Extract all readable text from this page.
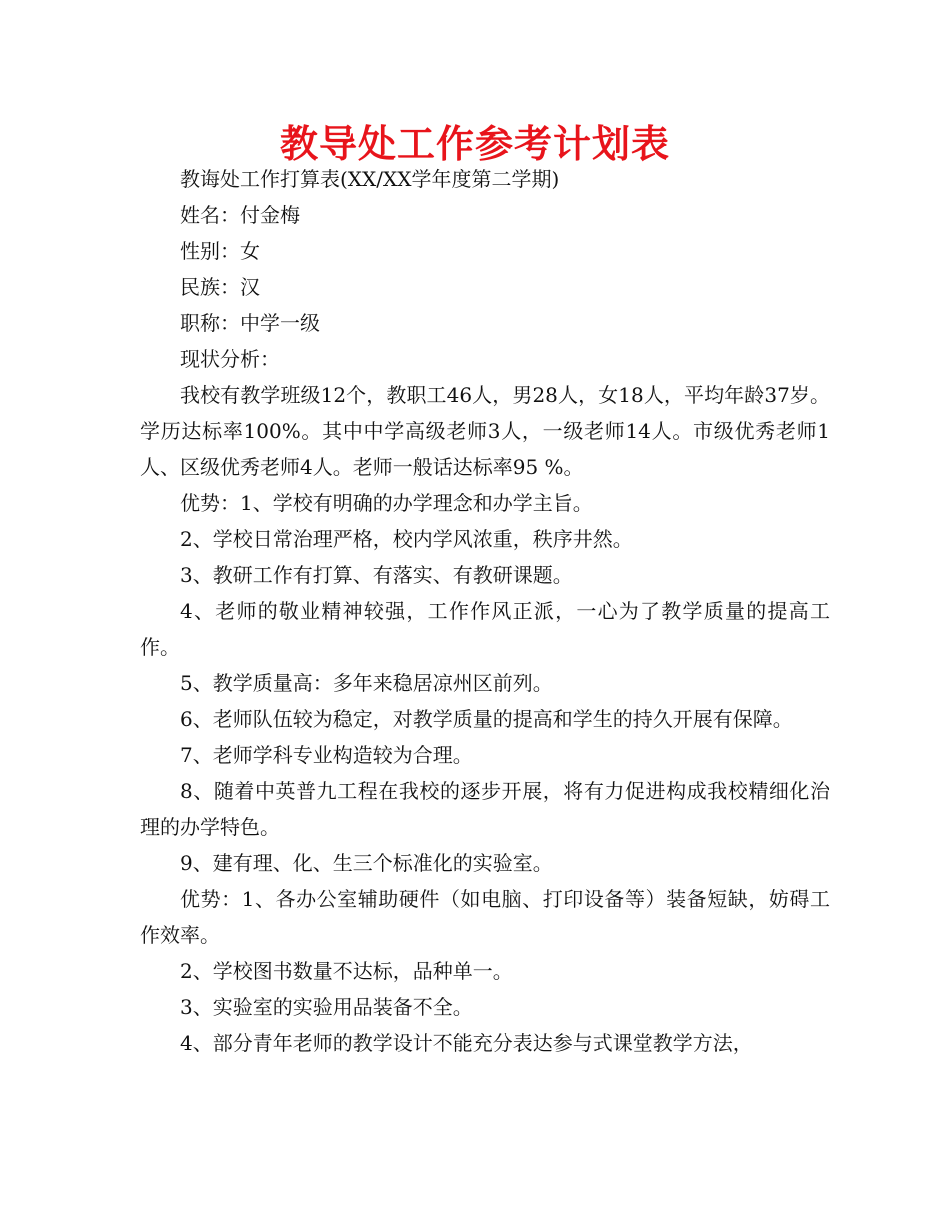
教导处工作参考计划表

教诲处工作打算表(XX/XX学年度第二学期)

姓名：付金梅

性别：女

民族：汉

职称：中学一级

现状分析：

我校有教学班级12个，教职工46人，男28人，女18人，平均年龄37岁。学历达标率100%。其中中学高级老师3人，一级老师14人。市级优秀老师1人、区级优秀老师4人。老师一般话达标率95 %。

优势：1、学校有明确的办学理念和办学主旨。

2、学校日常治理严格，校内学风浓重，秩序井然。

3、教研工作有打算、有落实、有教研课题。

4、老师的敬业精神较强，工作作风正派，一心为了教学质量的提高工作。

5、教学质量高：多年来稳居凉州区前列。

6、老师队伍较为稳定，对教学质量的提高和学生的持久开展有保障。

7、老师学科专业构造较为合理。

8、随着中英普九工程在我校的逐步开展，将有力促进构成我校精细化治理的办学特色。

9、建有理、化、生三个标准化的实验室。

优势：1、各办公室辅助硬件（如电脑、打印设备等）装备短缺，妨碍工作效率。

2、学校图书数量不达标，品种单一。

3、实验室的实验用品装备不全。

4、部分青年老师的教学设计不能充分表达参与式课堂教学方法，
